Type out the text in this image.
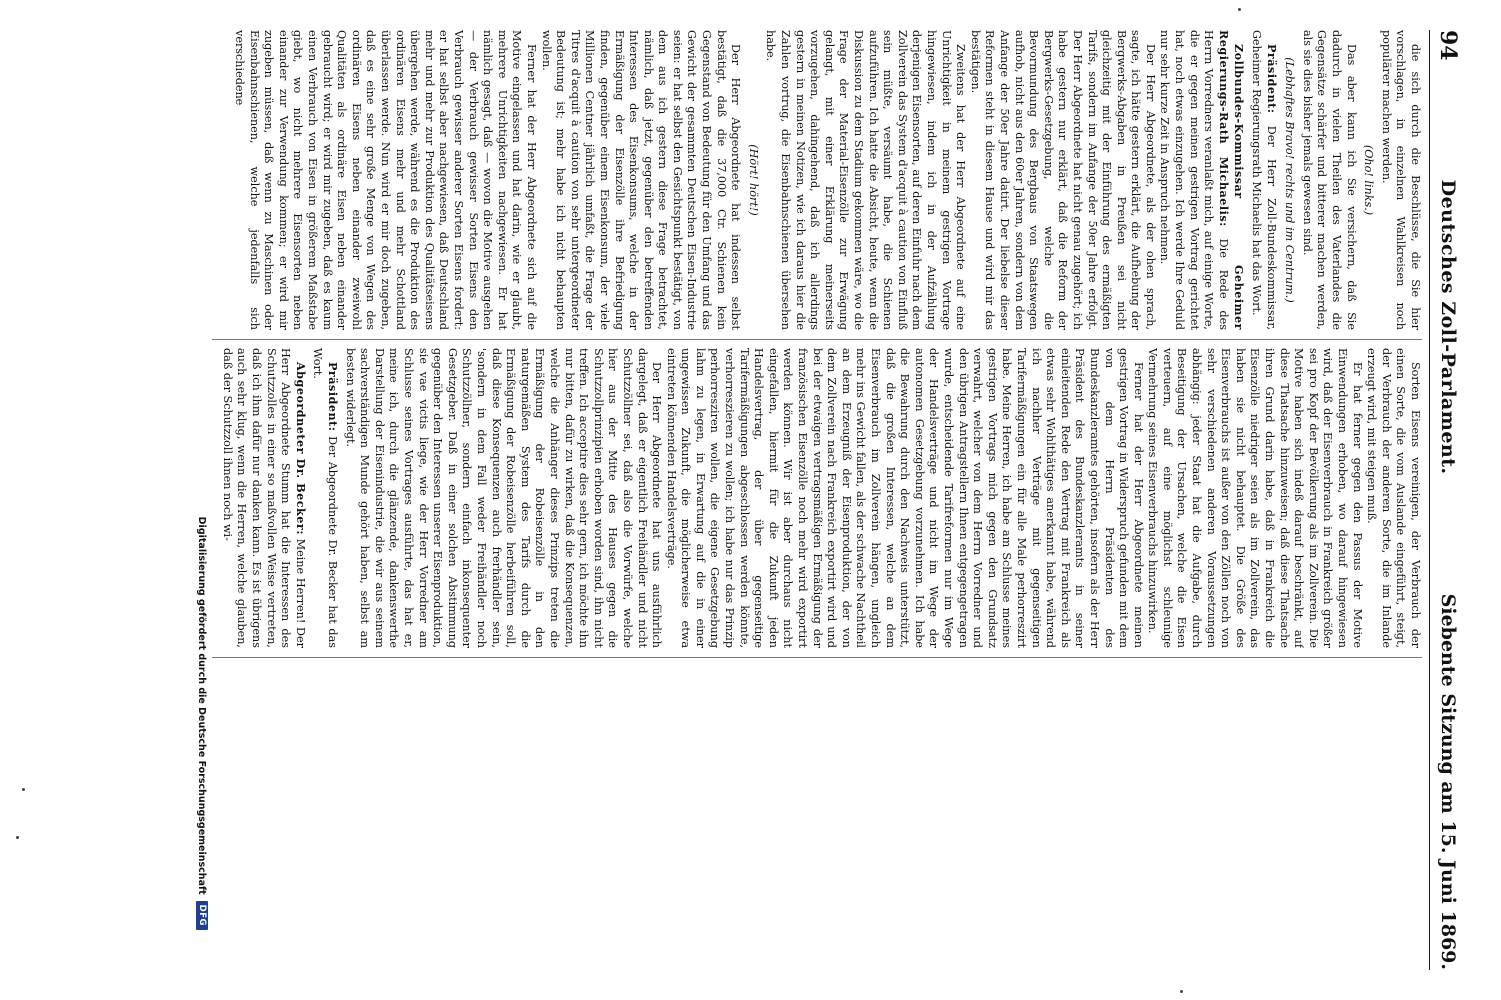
94
Deutsches Zoll-Parlament.
Siebente Sitzung am 15. Juni 1869.

die sich durch die Beschlüsse, die Sie hier vorschlagen, in einzelnen Wahlkreisen noch populärer machen werden.

(Oho! links.)

Das aber kann ich Sie versichern, daß Sie dadurch in vielen Theilen des Vaterlandes die Gegensätze schärfer und bitterer machen werden, als sie dies bisher jemals gewesen sind.

(Lebhaftes Bravo! rechts und im Centrum.)

Präsident: Der Herr Zoll-Bundeskommissar, Geheimer Regierungsrath Michaelis hat das Wort.

Zollbundes-Kommissar Geheimer Regierungs-Rath Michaelis: Die Rede des Herrn Vorredners veranlaßt mich, auf einige Worte, die er gegen meinen gestrigen Vortrag gerichtet hat, noch etwas einzugehen. Ich werde Ihre Geduld nur sehr kurze Zeit in Anspruch nehmen.

Der Herr Abgeordnete, als der ohen sprach, sagte, ich hätte gestern erklärt, die Aufhebung der Bergwerks-Abgaben in Preußen sei nicht gleichzeitig mit der Einführung des ermäßigten Tarifs, sondern im Anfange der 50er Jahre erfolgt. Der Herr Abgeordnete hat nicht genau zugehört; ich habe gestern nur erklärt, daß die Reform der Bergwerks-Gesetzgebung, welche die Bevormundung des Bergbaus von Staatswegen aufhob, nicht aus den 60er Jahren, sondern von dem Anfange der 50er Jahre datirt. Der liebelse dieser Reformen steht in diesem Hause und wird mir das bestätigen.

Zweitens hat der Herr Abgeordnete auf eine Unrichtigkeit in meinem gestrigen Vortrage hingewiesen, indem ich in der Aufzählung derjenigen Eisensorten, auf deren Einfuhr nach dem Zollverein das System d'acquit à caution von Einfluß sein müßte, versäumt habe, die Schienen aufzuführen. Ich hatte die Absicht, heute, wenn die Diskussion zu dem Stadium gekommen wäre, wo die Frage der Material-Eisenzölle zur Erwägung gelangt, mit einer Erklärung meinerseits vorzugehen, dahingehend, daß ich allerdings gestern in meinen Notizen, wie ich daraus hier die Zahlen vortrug, die Eisenbahnschienen übersehen habe.

(Hört! hört!)

Der Herr Abgeordnete hat indessen selbst bestätigt, daß die 37,000 Ctr. Schienen kein Gegenstand von Bedeutung für den Umfang und das Gewicht der gesammten Deutschen Eisen-Industrie seien: er hat selbst den Gesichtspunkt bestätigt, von dem aus ich gestern diese Frage betrachtet, nämlich, daß jetzt, gegenüber den betreffenden Interessen des Eisenkonsums, welche in der Ermäßigung der Eisenzölle ihre Befriedigung finden, gegenüber einem Eisenkonsum, der viele Millionen Centner jährlich umfaßt, die Frage der Titres d'acquit à caution von sehr untergeordneter Bedeutung ist; mehr habe ich nicht behaupten wollen.

Ferner hat der Herr Abgeordnete sich auf die Motive eingelassen und hat darin, wie er glaubt, mehrere Unrichtigkeiten nachgewiesen. Er hat nämlich gesagt, daß — wovon die Motive ausgehen — der Verbrauch gewisser Sorten Eisens den Verbrauch gewisser anderer Sorten Eisens fordert: er hat selbst aber nachgewiesen, daß Deutschland mehr und mehr zur Produktion des Qualitätseisens übergehen werde, während es die Produktion des ordinären Eisens mehr und mehr Schottland überlassen werde. Nun wird er mir doch zugeben, daß es eine sehr große Menge von Wegen des ordinären Eisens neben einander zweiwohl Qualitäten als ordinäre Eisen neben einander gebraucht wird; er wird mir zugeben, daß es kaum einen Verbrauch von Eisen in größerem Maßstabe giebt, wo nicht mehrere Eisensorten neben einander zur Verwendung kommen; er wird mir zugeben müssen, daß wenn zu Maschinen oder Eisenbahnschienen, welche jedenfalls sich verschiedene

Sorten Eisens vereinigen, der Verbrauch der einen Sorte, die vom Auslande eingeführt, steigt, der Verbrauch der anderen Sorte, die im Inlande erzeugt wird, mit steigen muß.

Er hat ferner gegen den Passus der Motive Einwendungen erhoben, wo darauf hingewiesen wird, daß der Eisenverbrauch in Frankreich größer sei pro Kopf der Bevölkerung als im Zollverein. Die Motive haben sich indeß darauf beschränkt, auf diese Thatsache hinzuweisen; daß diese Thatsache ihren Grund darin habe, daß in Frankreich die Eisenzölle niedriger seien als im Zollverein, das haben sie nicht behauptet. Die Größe des Eisenverbrauchs ist außer von den Zöllen noch von sehr verschiedenen anderen Voraussetzungen abhängig: jeder Staat hat die Aufgabe, durch Beseitigung der Ursachen, welche die Eisen verteuern, auf eine möglichst schleunige Vermehrung seines Eisenverbrauchs hinzuwirken.

Ferner hat der Herr Abgeordnete meinen gestrigen Vortrag in Widerspruch gefunden mit dem von dem Herrn Präsidenten des Bundeskanzleramtes gehörten, insofern als der Herr Präsident des Bundeskanzleramts in seiner einleitenden Rede den Vertrag mit Frankreich als etwas sehr Wohlthätiges anerkannt habe, während ich nachher Verträge mit gegenseitigen Tarifermäßigungen ein für alle Male perhorreszirt habe. Meine Herren, ich habe am Schlusse meines gestrigen Vortrags mich gegen den Grundsatz verwahrt, welcher von dem Herrn Vorredner und den übrigen Antragstellern Ihnen entgegengetragen wurde, entscheidende Tarifreformen nur im Wege der Handelsverträge und nicht im Wege der autonomen Gesetzgebung vorzunehmen. Ich habe die Bewahrung durch den Nachweis unterstützt, daß die großen Interessen, welche an dem Eisenverbrauch im Zollverein hängen, ungleich mehr ins Gewicht fallen, als der schwache Nachtheil an dem Erzeugniß der Eisenproduktion, der von dem Zollverein nach Frankreich exportirt wird und bei der etwaigen vertragsmäßigen Ermäßigung der französischen Eisenzölle noch mehr wird exportirt werden können. Wir ist aber durchaus nicht eingefallen, hiermit für die Zukunft jeden Handelsvertrag, der über gegenseitige Tarifermäßigungen abgeschlossen werden könnte, verhorreszieren zu wollen; ich habe nur das Prinzip perhorresziren wollen, die eigene Gesetzgebung lahm zu legen, in Erwartung auf die in einer ungewissen Zukunft, die möglicherweise etwa eintreten könnenden Handelsverträge.

Der Herr Abgeordnete hat uns ausführlich dargelegt, daß er eigentlich Freihändler und nicht Schutzzöllner sei, daß also die Vorwürfe, welche hier aus der Mitte des Hauses gegen die Schutzzollprinzipien erhoben worden sind, ihn nicht treffen. Ich acceptire dies sehr gern, ich möchte ihn nur bitten, dafür zu wirken, daß die Konsequenzen, welche die Anhänger dieses Prinzips treten die Ermäßigung der Robeisenzölle in den naturgemäßen System des Tarifs durch die Ermäßigung der Robeisenzölle herbeiführen soll, daß diese Konsequenzen auch frerhändler sein, 'sondern in dem Fall weder Freihändler noch Schutzzöllner, sondern einfach inkonsequenter Gesetzgeber. Daß in einer solchen Abstimmung gegenüber den Interessen unserer Eisenproduktion, sie vae victis liege, wie der Herr Vorredner am Schlusse seines Vortrages ausführte, das hat er, meine ich, durch die glänzende, dankenswerthe Darstellung der Eisenindustrie, die wir aus seinem sachverständigen Munde gehört haben, selbst am besten widerlegt.

Präsident: Der Abgeordnete Dr. Becker hat das Wort.

Abgeordneter Dr. Becker: Meine Herren! Der Herr Abgeordnete Stumm hat die Interessen des Schutzzolles in einer so maßvollen Weise vertreten, daß ich ihm dafür nur danken kann. Es ist übrigens auch sehr klug, wenn die Herren, welche glauben, daß der Schutzzoll ihnen noch wi-

Digitalisierung gefördert durch die Deutsche Forschungsgemeinschaft
DFG
